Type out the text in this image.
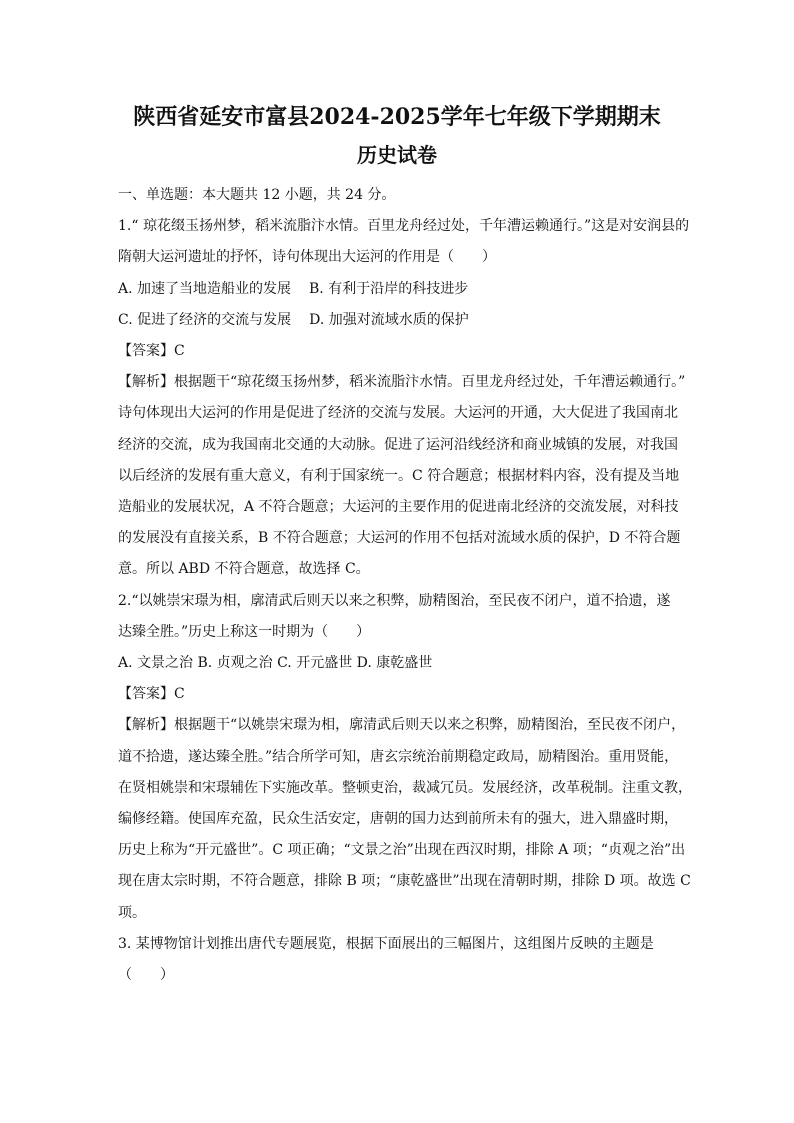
陕西省延安市富县2024-2025学年七年级下学期期末

历史试卷

一、单选题：本大题共 12 小题，共 24 分。

1.“ 琼花缀玉扬州梦，稻米流脂汴水情。百里龙舟经过处，千年漕运赖通行。”这是对安润县的

隋朝大运河遗址的抒怀，诗句体现出大运河的作用是（　　）

A. 加速了当地造船业的发展 B. 有利于沿岸的科技进步

C. 促进了经济的交流与发展 D. 加强对流域水质的保护

【答案】C

【解析】根据题干“琼花缀玉扬州梦，稻米流脂汴水情。百里龙舟经过处，千年漕运赖通行。”

诗句体现出大运河的作用是促进了经济的交流与发展。大运河的开通，大大促进了我国南北

经济的交流，成为我国南北交通的大动脉。促进了运河沿线经济和商业城镇的发展，对我国

以后经济的发展有重大意义，有利于国家统一。C 符合题意；根据材料内容，没有提及当地

造船业的发展状况，A 不符合题意；大运河的主要作用的促进南北经济的交流发展，对科技

的发展没有直接关系，B 不符合题意；大运河的作用不包括对流域水质的保护，D 不符合题

意。所以 ABD 不符合题意，故选择 C。

2.“以姚崇宋璟为相，廓清武后则天以来之积弊，励精图治，至民夜不闭户，道不拾遗，遂

达臻全胜。”历史上称这一时期为（　　）

A. 文景之治 B. 贞观之治 C. 开元盛世 D. 康乾盛世

【答案】C

【解析】根据题干“以姚崇宋璟为相，廓清武后则天以来之积弊，励精图治，至民夜不闭户，

道不拾遗，遂达臻全胜。”结合所学可知，唐玄宗统治前期稳定政局，励精图治。重用贤能，

在贤相姚崇和宋璟辅佐下实施改革。整顿吏治，裁减冗员。发展经济，改革税制。注重文教，

编修经籍。使国库充盈，民众生活安定，唐朝的国力达到前所未有的强大，进入鼎盛时期，

历史上称为“开元盛世”。C 项正确；“文景之治”出现在西汉时期，排除 A 项；“贞观之治”出

现在唐太宗时期，不符合题意，排除 B 项；“康乾盛世”出现在清朝时期，排除 D 项。故选 C

项。

3. 某博物馆计划推出唐代专题展览，根据下面展出的三幅图片，这组图片反映的主题是

（　　）
